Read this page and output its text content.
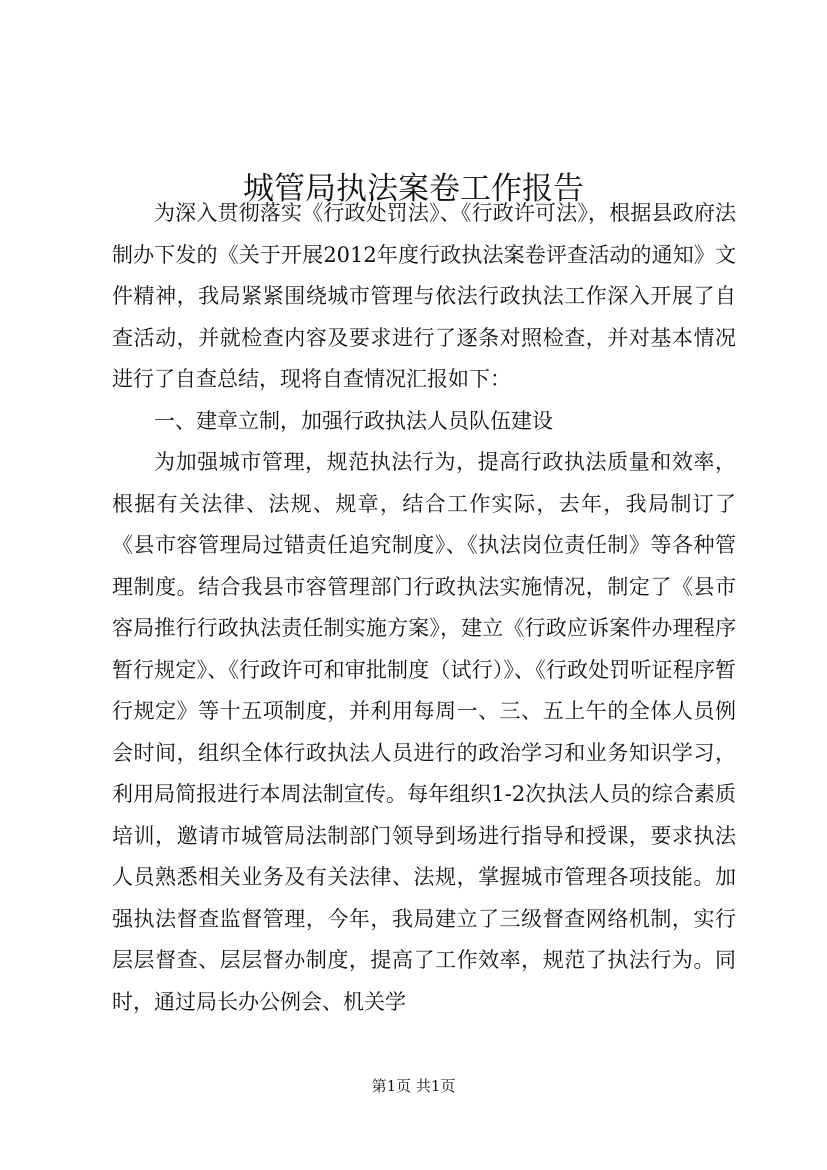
城管局执法案卷工作报告

为深入贯彻落实《行政处罚法》、《行政许可法》，根据县政府法制办下发的《关于开展2012年度行政执法案卷评查活动的通知》文件精神，我局紧紧围绕城市管理与依法行政执法工作深入开展了自查活动，并就检查内容及要求进行了逐条对照检查，并对基本情况进行了自查总结，现将自查情况汇报如下：

一、建章立制，加强行政执法人员队伍建设

为加强城市管理，规范执法行为，提高行政执法质量和效率，根据有关法律、法规、规章，结合工作实际，去年，我局制订了《县市容管理局过错责任追究制度》、《执法岗位责任制》等各种管理制度。结合我县市容管理部门行政执法实施情况，制定了《县市容局推行行政执法责任制实施方案》，建立《行政应诉案件办理程序暂行规定》、《行政许可和审批制度（试行）》、《行政处罚听证程序暂行规定》等十五项制度，并利用每周一、三、五上午的全体人员例会时间，组织全体行政执法人员进行的政治学习和业务知识学习，利用局简报进行本周法制宣传。每年组织1-2次执法人员的综合素质培训，邀请市城管局法制部门领导到场进行指导和授课，要求执法人员熟悉相关业务及有关法律、法规，掌握城市管理各项技能。加强执法督查监督管理，今年，我局建立了三级督查网络机制，实行层层督查、层层督办制度，提高了工作效率，规范了执法行为。同时，通过局长办公例会、机关学

第1页 共1页
